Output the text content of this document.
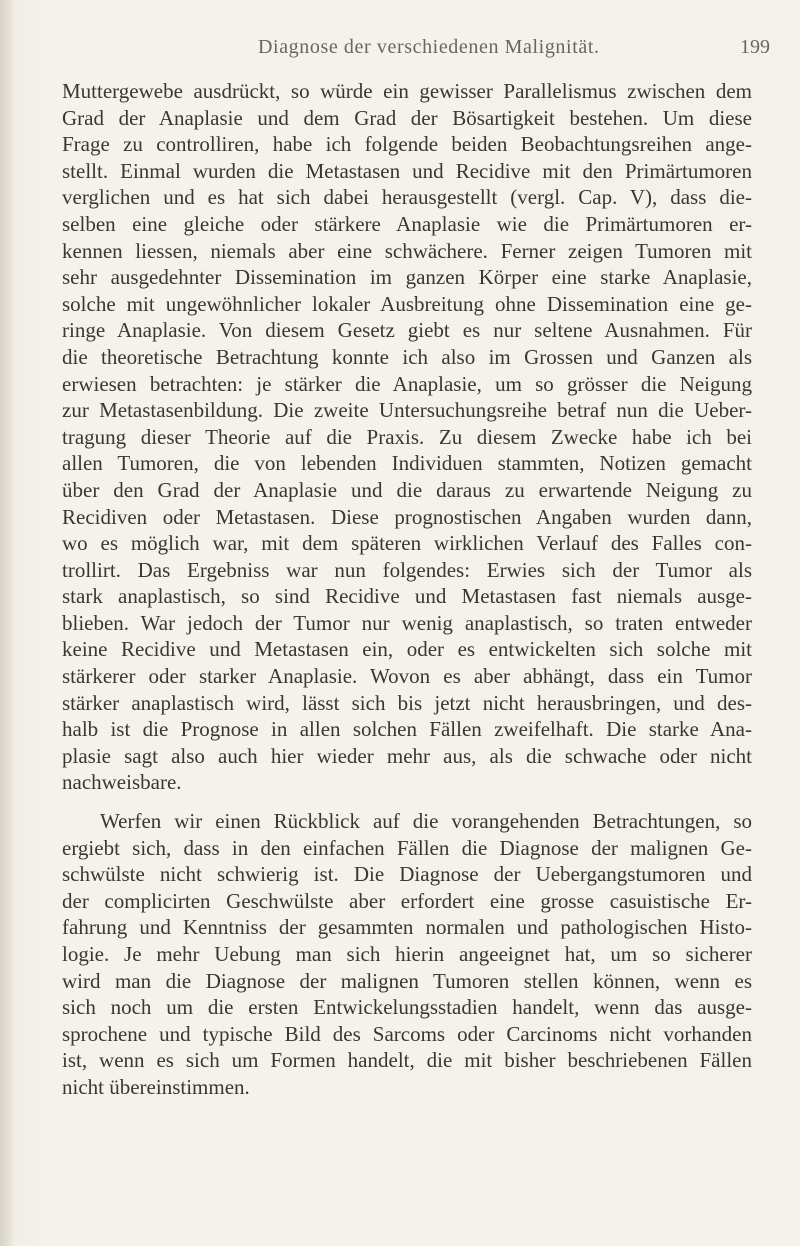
Diagnose der verschiedenen Malignität.	199
Muttergewebe ausdrückt, so würde ein gewisser Parallelismus zwischen dem
Grad der Anaplasie und dem Grad der Bösartigkeit bestehen. Um diese
Frage zu controlliren, habe ich folgende beiden Beobachtungsreihen ange-
stellt. Einmal wurden die Metastasen und Recidive mit den Primärtumoren
verglichen und es hat sich dabei herausgestellt (vergl. Cap. V), dass die-
selben eine gleiche oder stärkere Anaplasie wie die Primärtumoren er-
kennen liessen, niemals aber eine schwächere. Ferner zeigen Tumoren mit
sehr ausgedehnter Dissemination im ganzen Körper eine starke Anaplasie,
solche mit ungewöhnlicher lokaler Ausbreitung ohne Dissemination eine ge-
ringe Anaplasie. Von diesem Gesetz giebt es nur seltene Ausnahmen. Für
die theoretische Betrachtung konnte ich also im Grossen und Ganzen als
erwiesen betrachten: je stärker die Anaplasie, um so grösser die Neigung
zur Metastasenbildung. Die zweite Untersuchungsreihe betraf nun die Ueber-
tragung dieser Theorie auf die Praxis. Zu diesem Zwecke habe ich bei
allen Tumoren, die von lebenden Individuen stammten, Notizen gemacht
über den Grad der Anaplasie und die daraus zu erwartende Neigung zu
Recidiven oder Metastasen. Diese prognostischen Angaben wurden dann,
wo es möglich war, mit dem späteren wirklichen Verlauf des Falles con-
trollirt. Das Ergebniss war nun folgendes: Erwies sich der Tumor als
stark anaplastisch, so sind Recidive und Metastasen fast niemals ausge-
blieben. War jedoch der Tumor nur wenig anaplastisch, so traten entweder
keine Recidive und Metastasen ein, oder es entwickelten sich solche mit
stärkerer oder starker Anaplasie. Wovon es aber abhängt, dass ein Tumor
stärker anaplastisch wird, lässt sich bis jetzt nicht herausbringen, und des-
halb ist die Prognose in allen solchen Fällen zweifelhaft. Die starke Ana-
plasie sagt also auch hier wieder mehr aus, als die schwache oder nicht
nachweisbare.
Werfen wir einen Rückblick auf die vorangehenden Betrachtungen, so
ergiebt sich, dass in den einfachen Fällen die Diagnose der malignen Ge-
schwülste nicht schwierig ist. Die Diagnose der Uebergangstumoren und
der complicirten Geschwülste aber erfordert eine grosse casuistische Er-
fahrung und Kenntniss der gesammten normalen und pathologischen Histo-
logie. Je mehr Uebung man sich hierin angeeignet hat, um so sicherer
wird man die Diagnose der malignen Tumoren stellen können, wenn es
sich noch um die ersten Entwickelungsstadien handelt, wenn das ausge-
sprochene und typische Bild des Sarcoms oder Carcinoms nicht vorhanden
ist, wenn es sich um Formen handelt, die mit bisher beschriebenen Fällen
nicht übereinstimmen.
